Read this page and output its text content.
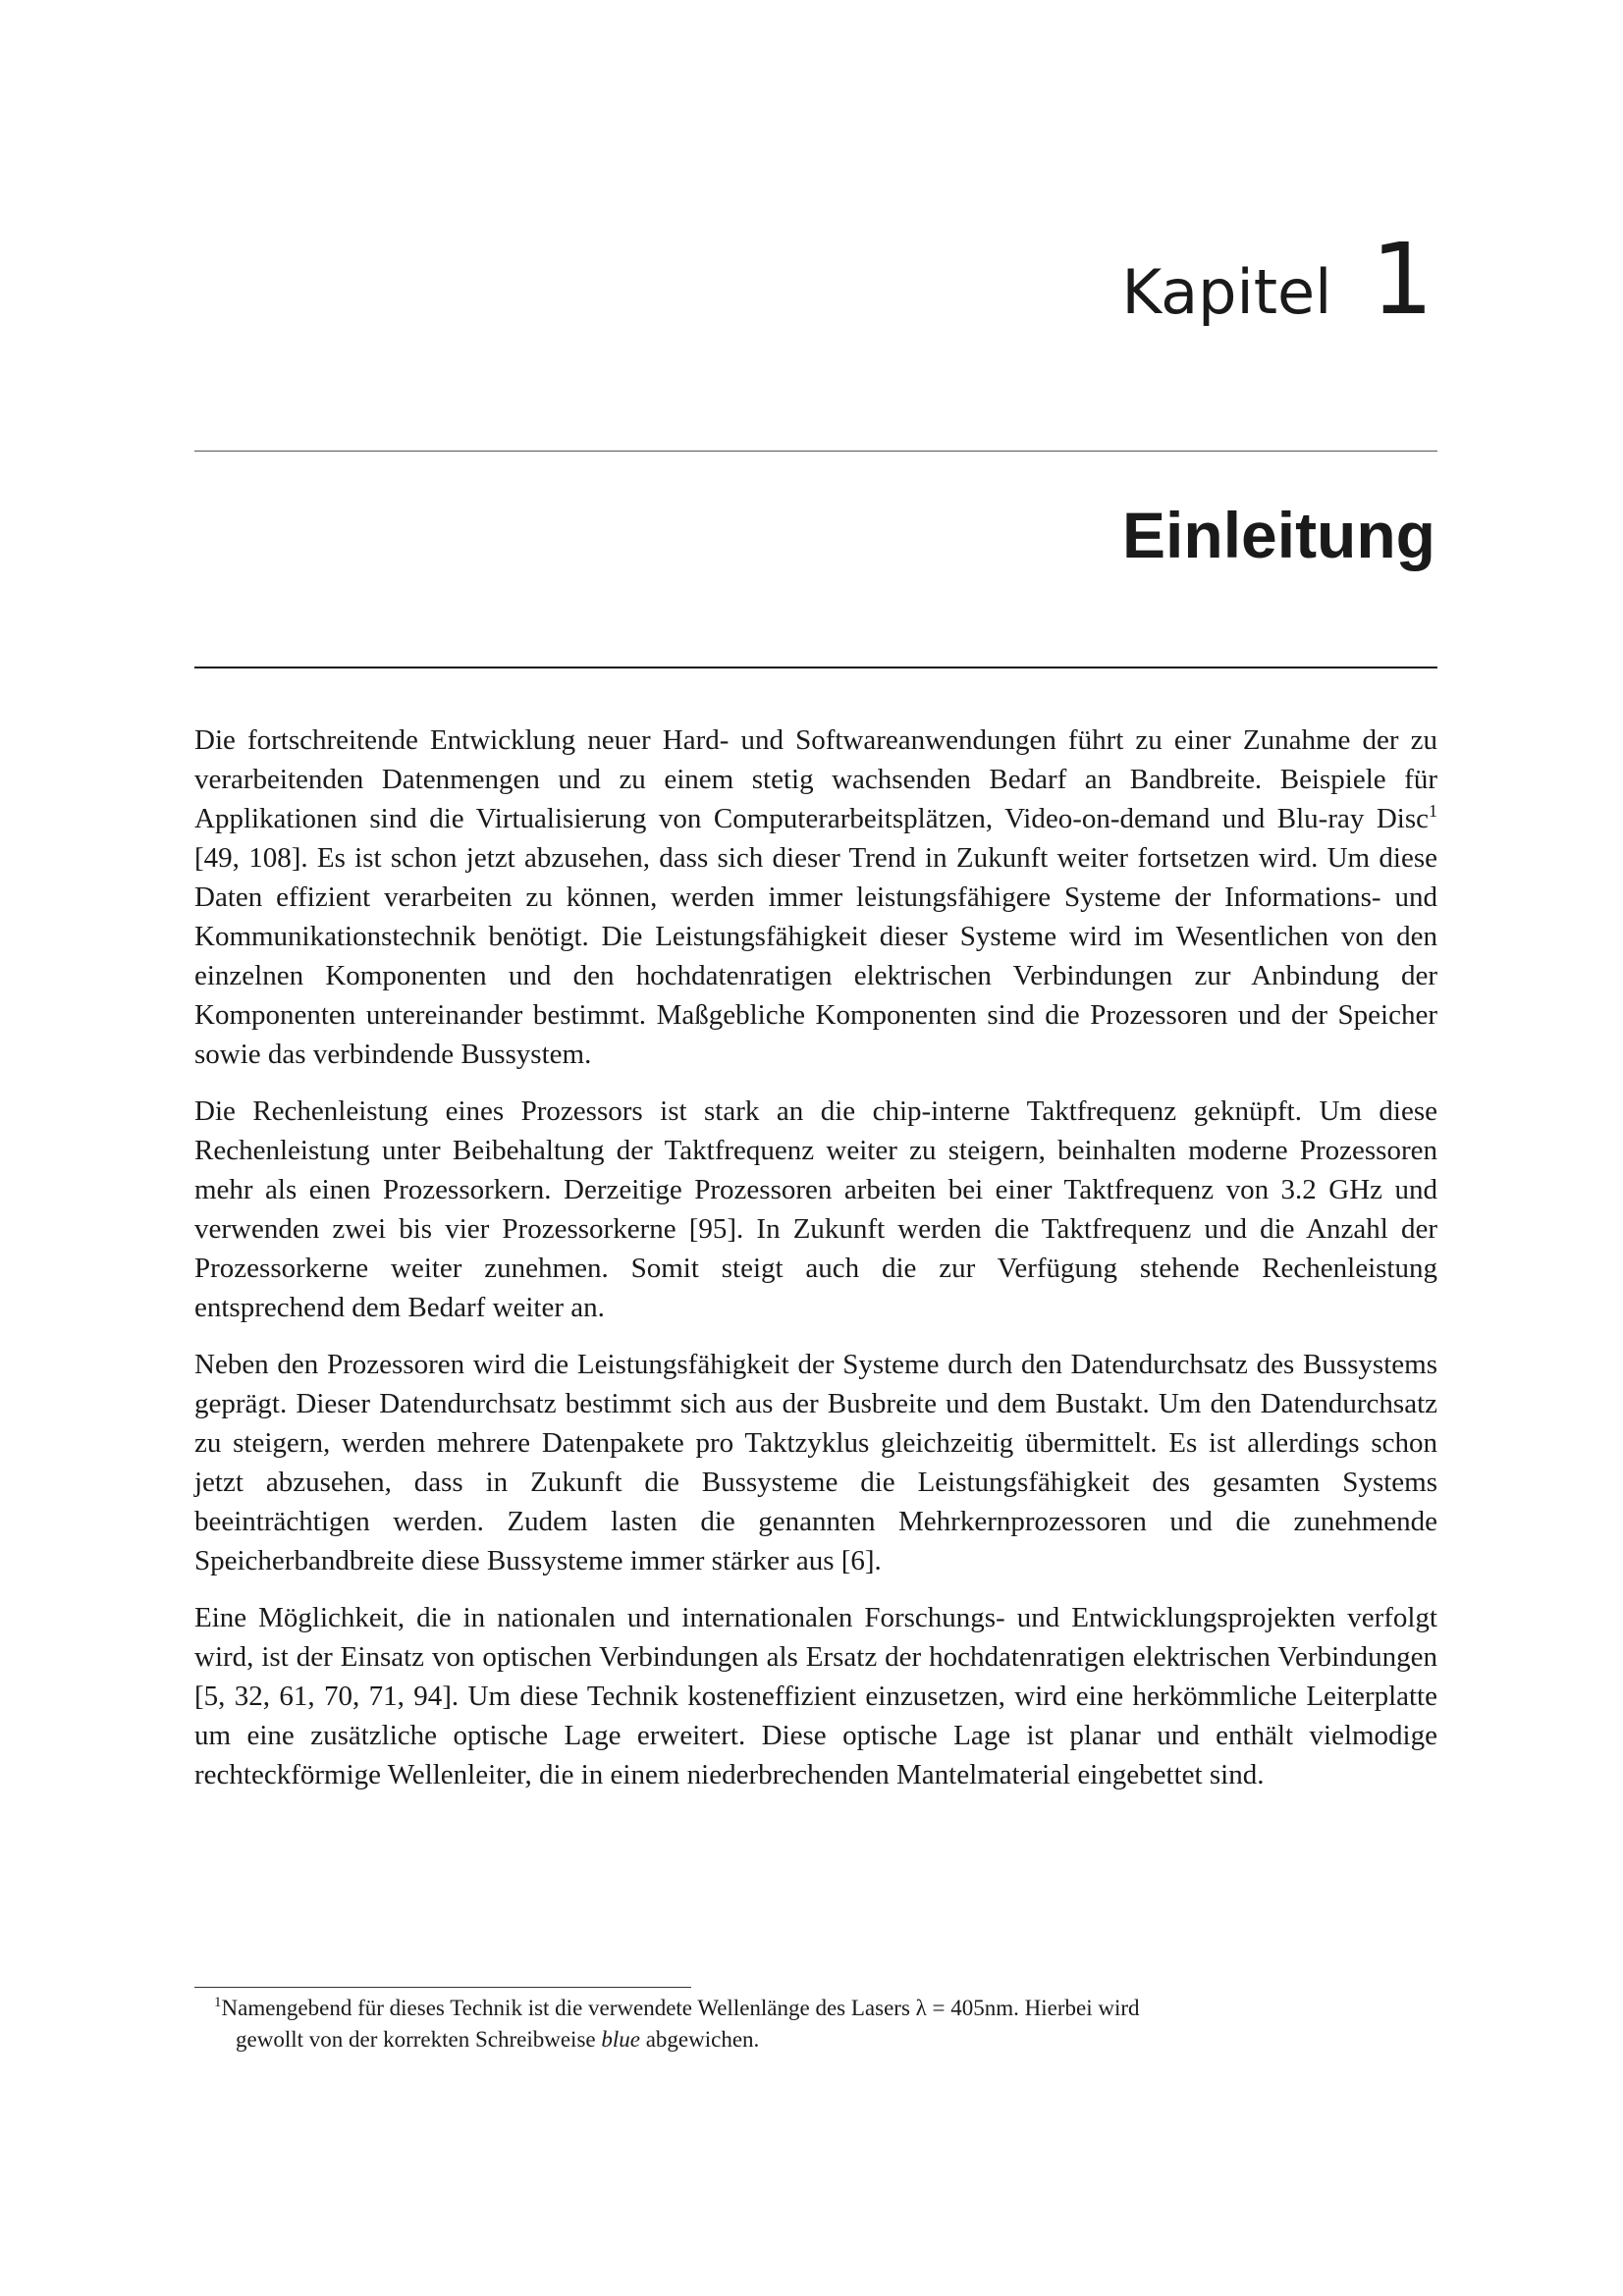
Kapitel 1
Einleitung

Die fortschreitende Entwicklung neuer Hard- und Softwareanwendungen führt zu einer Zunahme der zu verarbeitenden Datenmengen und zu einem stetig wachsenden Bedarf an Bandbreite. Beispiele für Applikationen sind die Virtualisierung von Computerarbeitsplätzen, Video-on-demand und Blu-ray Disc$^1$ [49, 108]. Es ist schon jetzt abzusehen, dass sich dieser Trend in Zukunft weiter fortsetzen wird. Um diese Daten effizient verarbeiten zu können, werden immer leistungsfähigere Systeme der Informations- und Kommunikationstechnik benötigt. Die Leistungsfähigkeit dieser Systeme wird im Wesentlichen von den einzelnen Komponenten und den hochdatenratigen elektrischen Verbindungen zur Anbindung der Komponenten untereinander bestimmt. Maßgebliche Komponenten sind die Prozessoren und der Speicher sowie das verbindende Bussystem.

Die Rechenleistung eines Prozessors ist stark an die chip-interne Taktfrequenz geknüpft. Um diese Rechenleistung unter Beibehaltung der Taktfrequenz weiter zu steigern, beinhalten moderne Prozessoren mehr als einen Prozessorkern. Derzeitige Prozessoren arbeiten bei einer Taktfrequenz von 3.2 GHz und verwenden zwei bis vier Prozessorkerne [95]. In Zukunft werden die Taktfrequenz und die Anzahl der Prozessorkerne weiter zunehmen. Somit steigt auch die zur Verfügung stehende Rechenleistung entsprechend dem Bedarf weiter an.

Neben den Prozessoren wird die Leistungsfähigkeit der Systeme durch den Datendurchsatz des Bussystems geprägt. Dieser Datendurchsatz bestimmt sich aus der Busbreite und dem Bustakt. Um den Datendurchsatz zu steigern, werden mehrere Datenpakete pro Taktzyklus gleichzeitig übermittelt. Es ist allerdings schon jetzt abzusehen, dass in Zukunft die Bussysteme die Leistungsfähigkeit des gesamten Systems beeinträchtigen werden. Zudem lasten die genannten Mehrkernprozessoren und die zunehmende Speicherbandbreite diese Bussysteme immer stärker aus [6].

Eine Möglichkeit, die in nationalen und internationalen Forschungs- und Entwicklungsprojekten verfolgt wird, ist der Einsatz von optischen Verbindungen als Ersatz der hochdatenratigen elektrischen Verbindungen [5, 32, 61, 70, 71, 94]. Um diese Technik kosteneffizient einzusetzen, wird eine herkömmliche Leiterplatte um eine zusätzliche optische Lage erweitert. Diese optische Lage ist planar und enthält vielmodige rechteckförmige Wellenleiter, die in einem niederbrechenden Mantelmaterial eingebettet sind.

$^1$Namengebend für dieses Technik ist die verwendete Wellenlänge des Lasers λ = 405nm. Hierbei wird
gewollt von der korrekten Schreibweise blue abgewichen.
